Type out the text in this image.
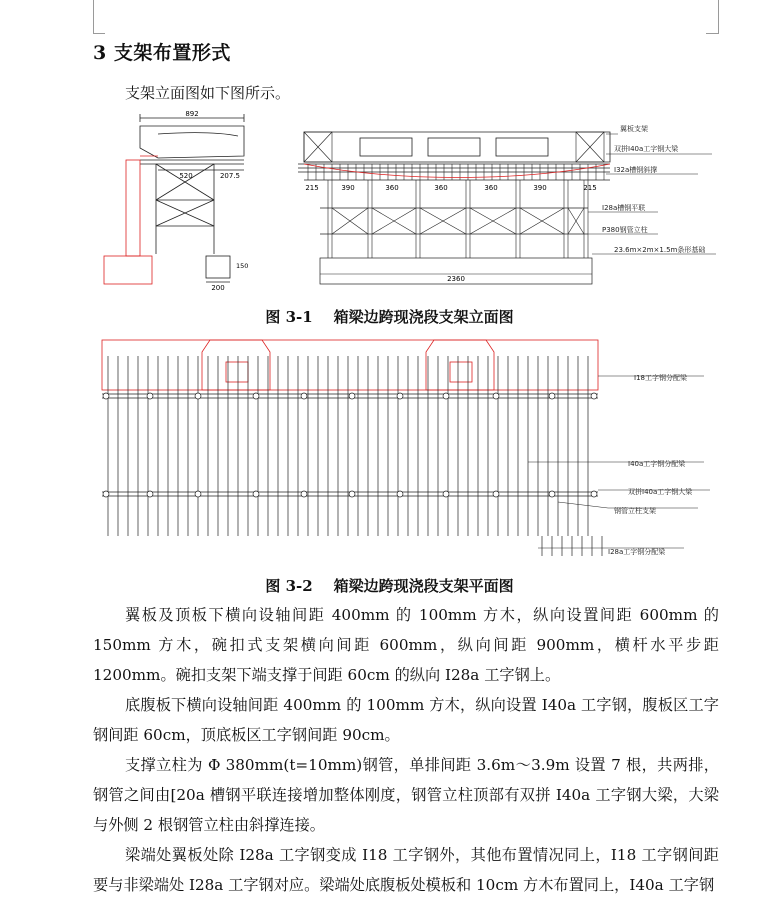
3 支架布置形式
支架立面图如下图所示。
892
520	207.5
150
200
215	390	360	360	360	390	215
2360
翼板支架
双拼I40a工字钢大梁
I32a槽钢斜撑
I28a槽钢平联
P380钢管立柱
23.6m×2m×1.5m条形基础
图 3-1 箱梁边跨现浇段支架立面图
I18工字钢分配梁
I40a工字钢分配梁
双拼I40a工字钢大梁
钢管立柱支架
I28a工字钢分配梁
图 3-2 箱梁边跨现浇段支架平面图

翼板及顶板下横向设轴间距 400mm 的 100mm 方木，纵向设置间距 600mm 的 150mm 方木，碗扣式支架横向间距 600mm，纵向间距 900mm，横杆水平步距 1200mm。碗扣支架下端支撑于间距 60cm 的纵向 I28a 工字钢上。

底腹板下横向设轴间距 400mm 的 100mm 方木，纵向设置 I40a 工字钢，腹板区工字钢间距 60cm，顶底板区工字钢间距 90cm。

支撑立柱为 Φ 380mm(t=10mm)钢管，单排间距 3.6m～3.9m 设置 7 根，共两排，钢管之间由[20a 槽钢平联连接增加整体刚度，钢管立柱顶部有双拼 I40a 工字钢大梁，大梁与外侧 2 根钢管立柱由斜撑连接。

梁端处翼板处除 I28a 工字钢变成 I18 工字钢外，其他布置情况同上，I18 工字钢间距要与非梁端处 I28a 工字钢对应。梁端处底腹板处模板和 10cm 方木布置同上，I40a 工字钢
